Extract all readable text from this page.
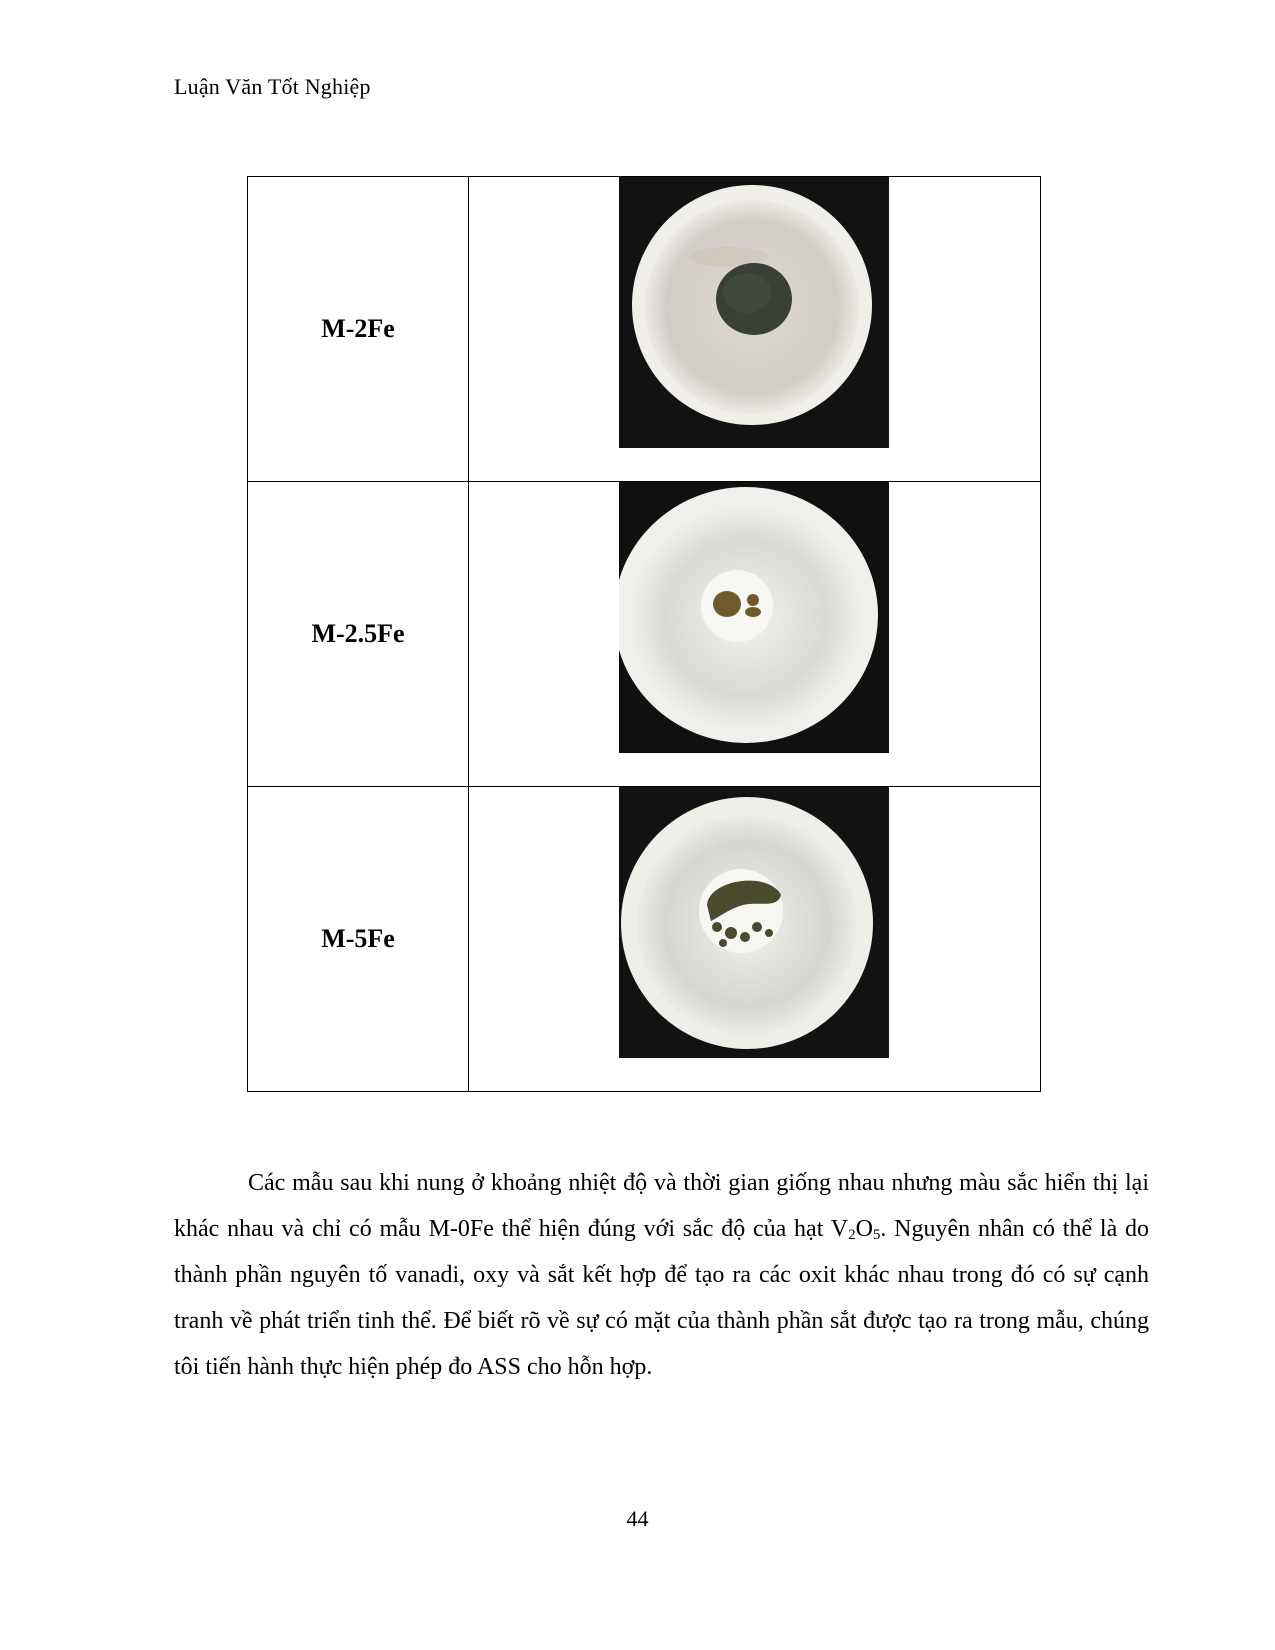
Luận Văn Tốt Nghiệp
M-2Fe	

M-2.5Fe	

M-5Fe	

Các mẫu sau khi nung ở khoảng nhiệt độ và thời gian giống nhau nhưng màu sắc hiển thị lại khác nhau và chỉ có mẫu M-0Fe thể hiện đúng với sắc độ của hạt $V_2O_5$. Nguyên nhân có thể là do thành phần nguyên tố vanadi, oxy và sắt kết hợp để tạo ra các oxit khác nhau trong đó có sự cạnh tranh về phát triển tinh thể. Để biết rõ về sự có mặt của thành phần sắt được tạo ra trong mẫu, chúng tôi tiến hành thực hiện phép đo ASS cho hỗn hợp.

44
